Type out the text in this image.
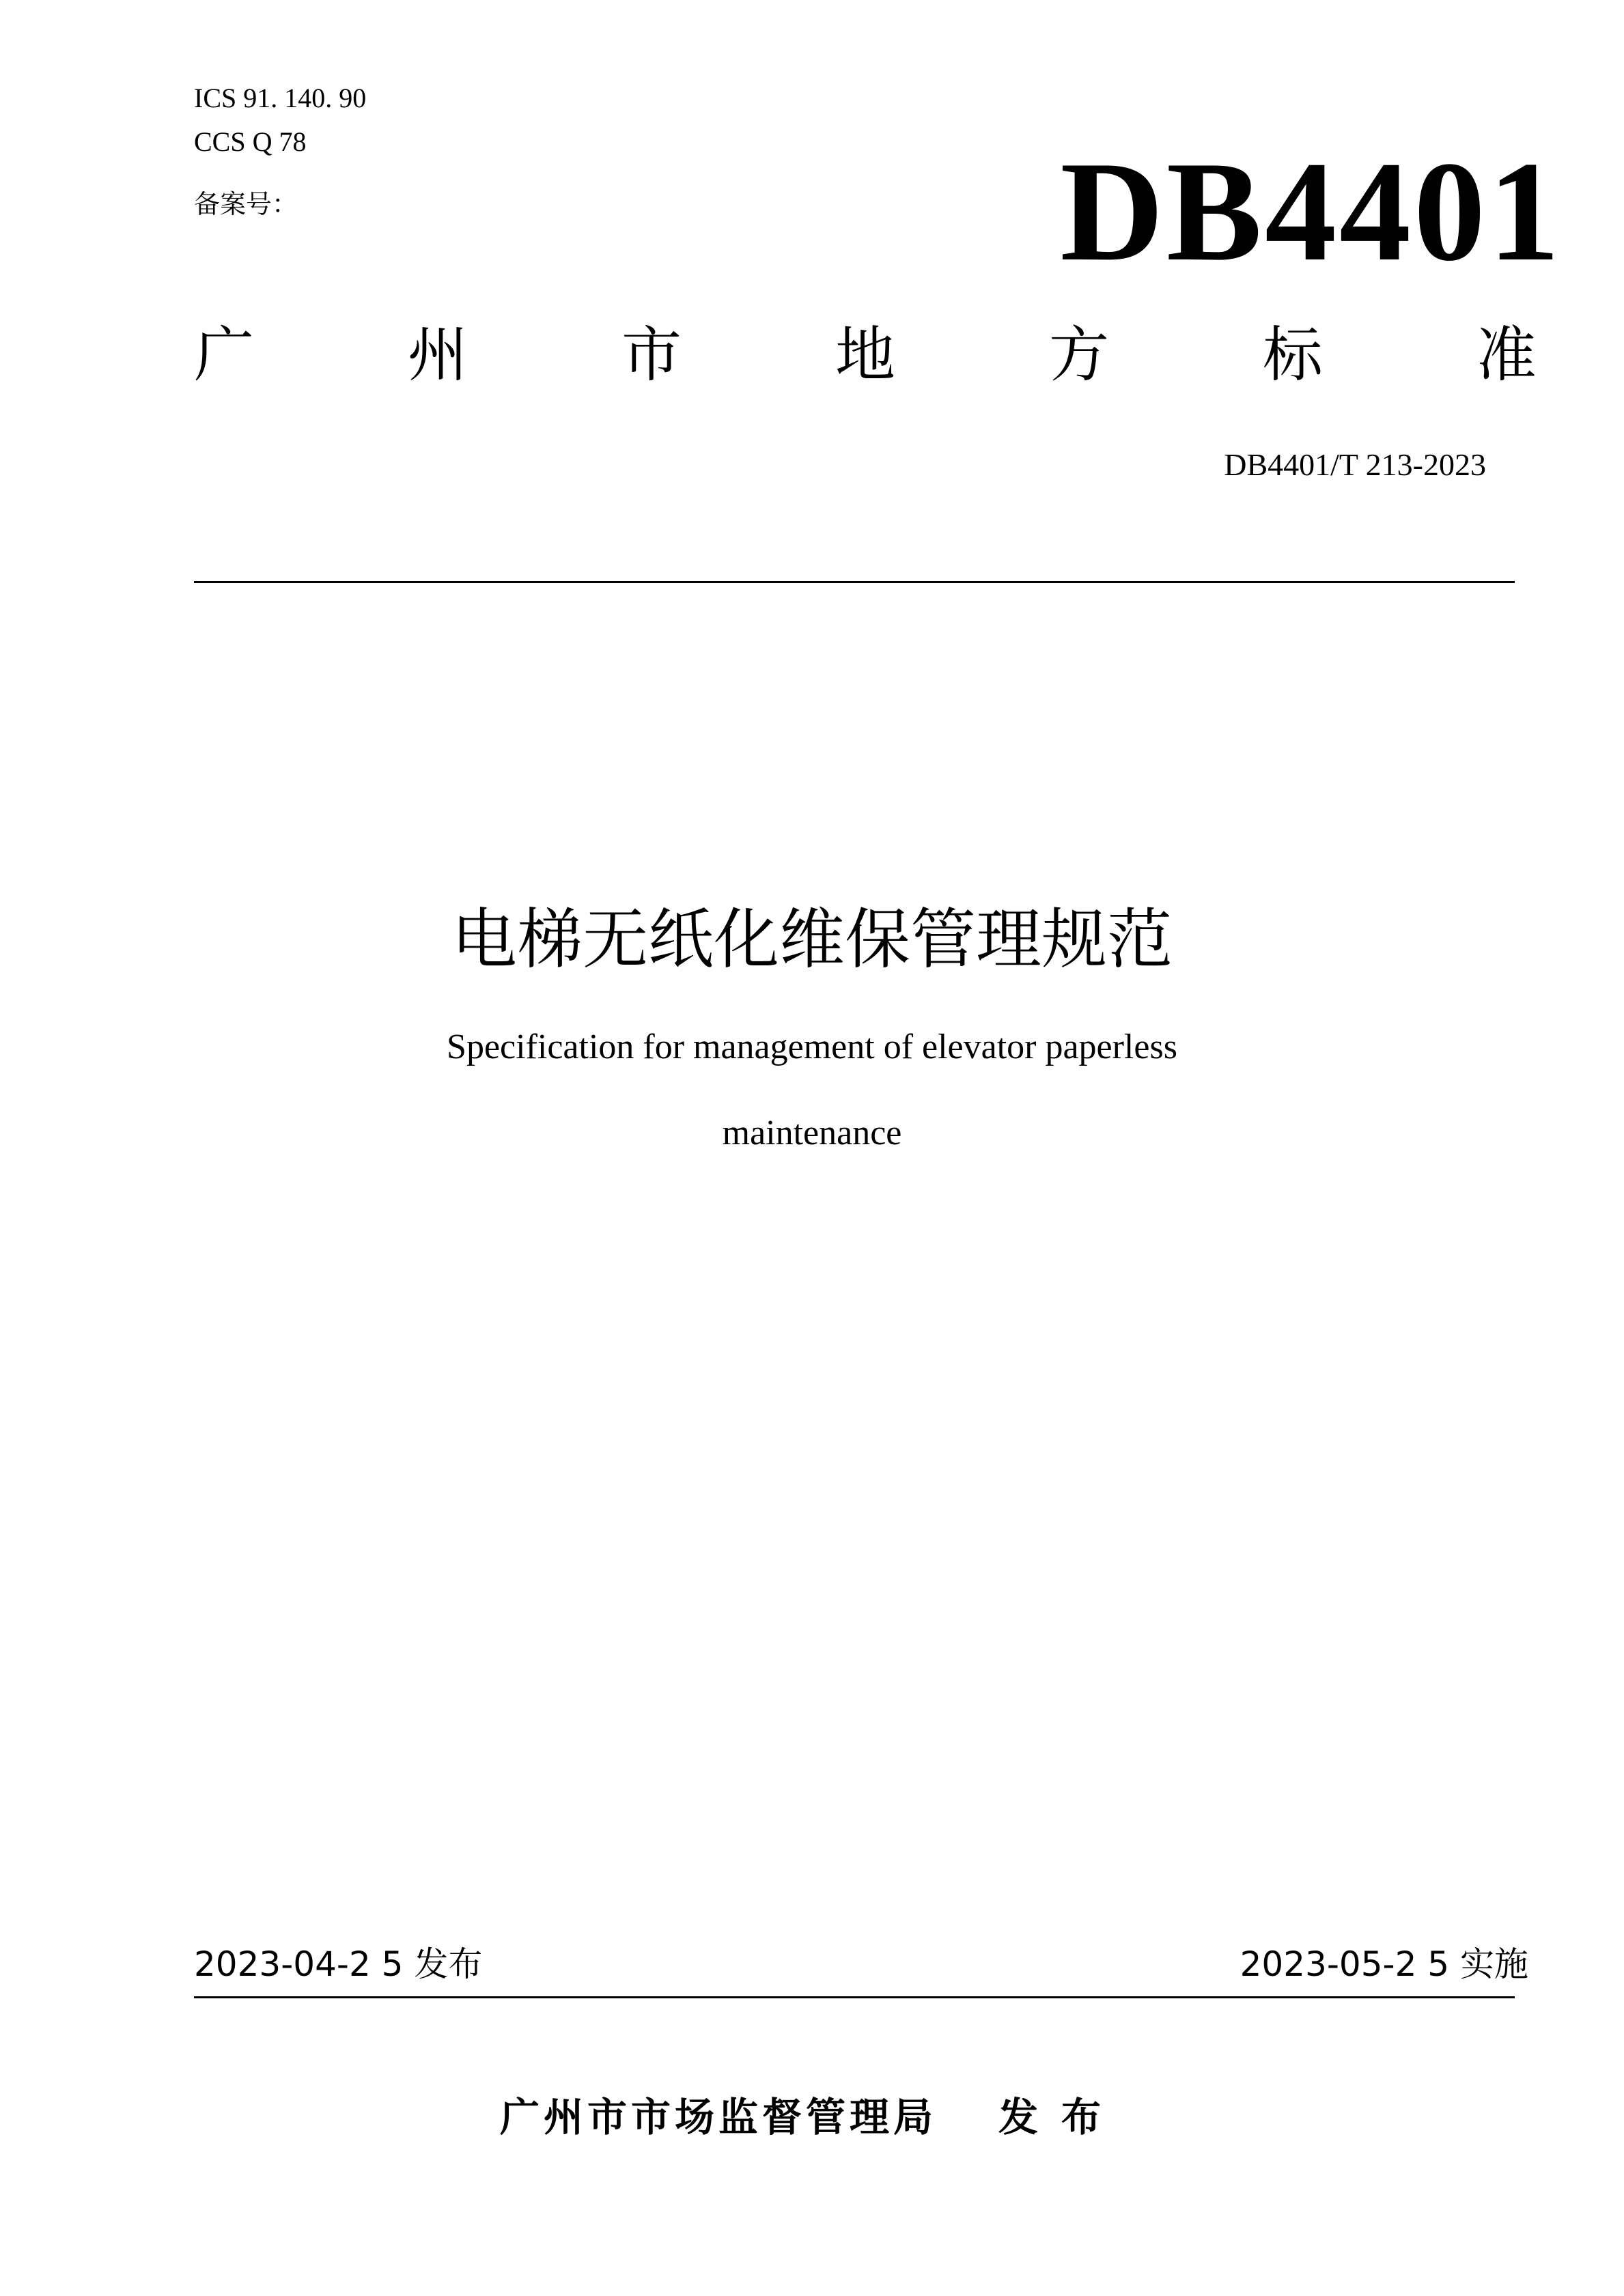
ICS 91. 140. 90
CCS Q 78
备案号：	DB4401
广	州	市	地	方	标	准
DB4401/T 213-2023
电梯无纸化维保管理规范
Specification for management of elevator paperless
maintenance
2023-04-2 5 发布	2023-05-2 5 实施
广州市市场监督管理局 发布
